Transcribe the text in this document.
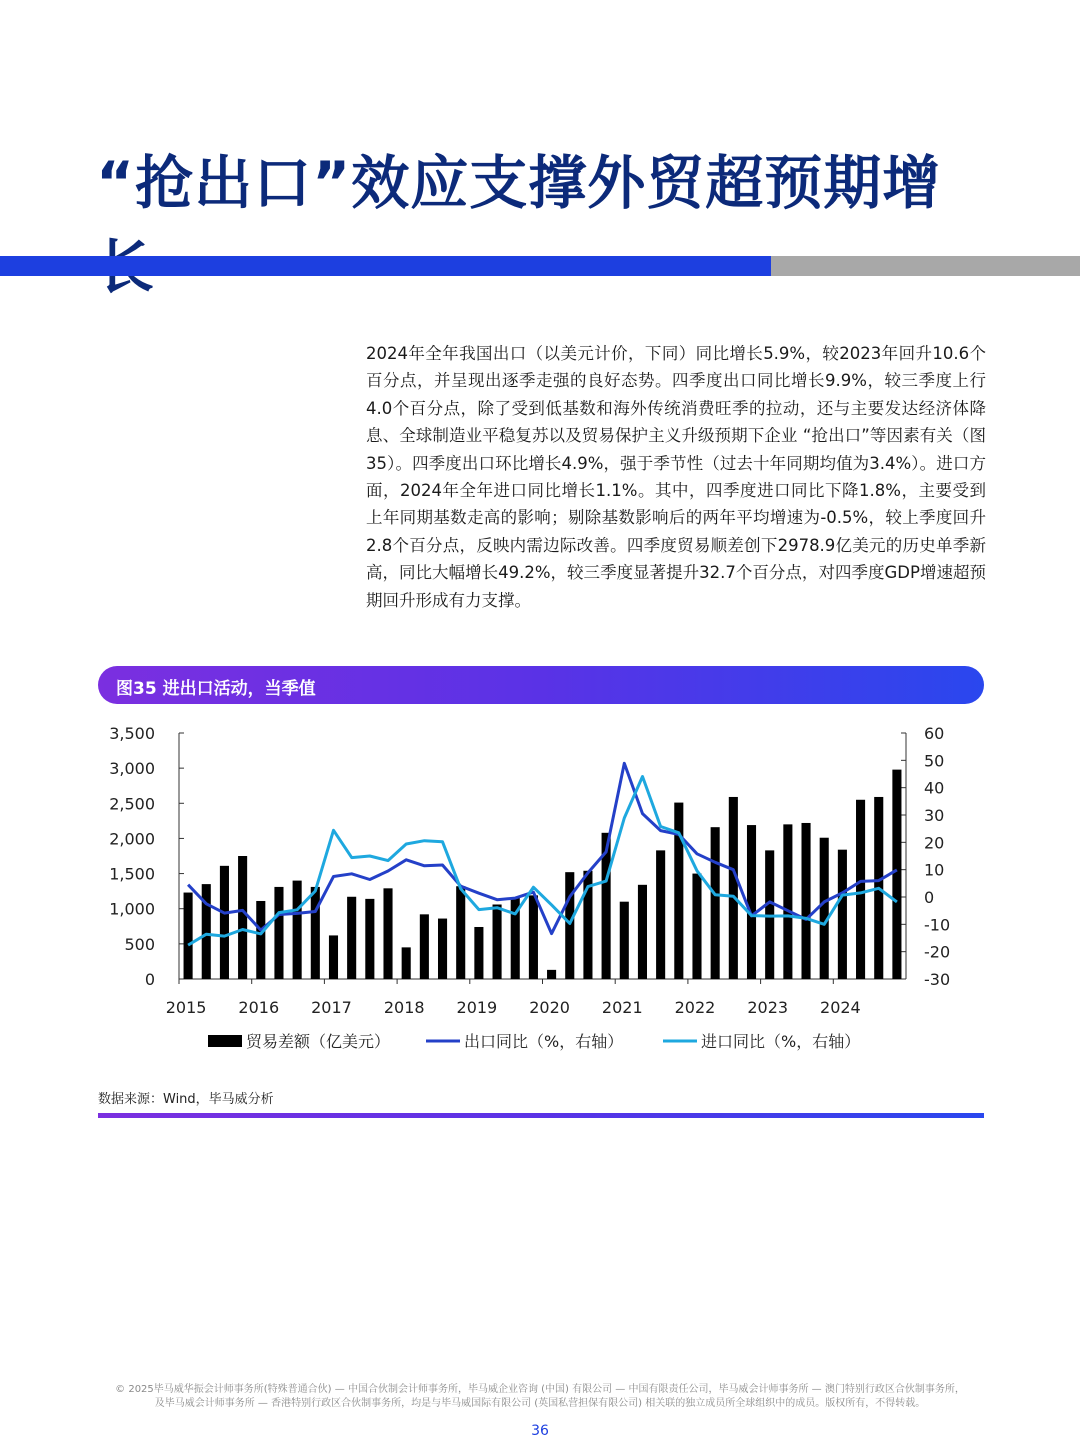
“抢出口”效应支撑外贸超预期增
2024年全年我国出口（以美元计价，下同）同比增长5.9%，较2023年回升10.6个百分点，并呈现出逐季走强的良好态势。四季度出口同比增长9.9%，较三季度上行4.0个百分点，除了受到低基数和海外传统消费旺季的拉动，还与主要发达经济体降息、全球制造业平稳复苏以及贸易保护主义升级预期下企业 “抢出口”等因素有关（图35）。四季度出口环比增长4.9%，强于季节性（过去十年同期均值为3.4%）。进口方面，2024年全年进口同比增长1.1%。其中，四季度进口同比下降1.8%，主要受到上年同期基数走高的影响；剔除基数影响后的两年平均增速为-0.5%，较上季度回升2.8个百分点，反映内需边际改善。四季度贸易顺差创下2978.9亿美元的历史单季新高，同比大幅增长49.2%，较三季度显著提升32.7个百分点，对四季度GDP增速超预期回升形成有力支撑。
图35 进出口活动，当季值
0
500
1,000
1,500
2,000
2,500
3,000
3,500
-30
-20
-10
0
10
20
30
40
50
60
2015 2016 2017 2018 2019 2020 2021 2022 2023 2024
贸易差额（亿美元）	出口同比（%，右轴）	进口同比（%，右轴）
数据来源：Wind，毕马威分析
© 2025毕马威华振会计师事务所(特殊普通合伙) — 中国合伙制会计师事务所，毕马威企业咨询 (中国) 有限公司 — 中国有限责任公司，毕马威会计师事务所 — 澳门特别行政区合伙制事务所，
及毕马威会计师事务所 — 香港特别行政区合伙制事务所，均是与毕马威国际有限公司 (英国私营担保有限公司) 相关联的独立成员所全球组织中的成员。版权所有，不得转载。
36
